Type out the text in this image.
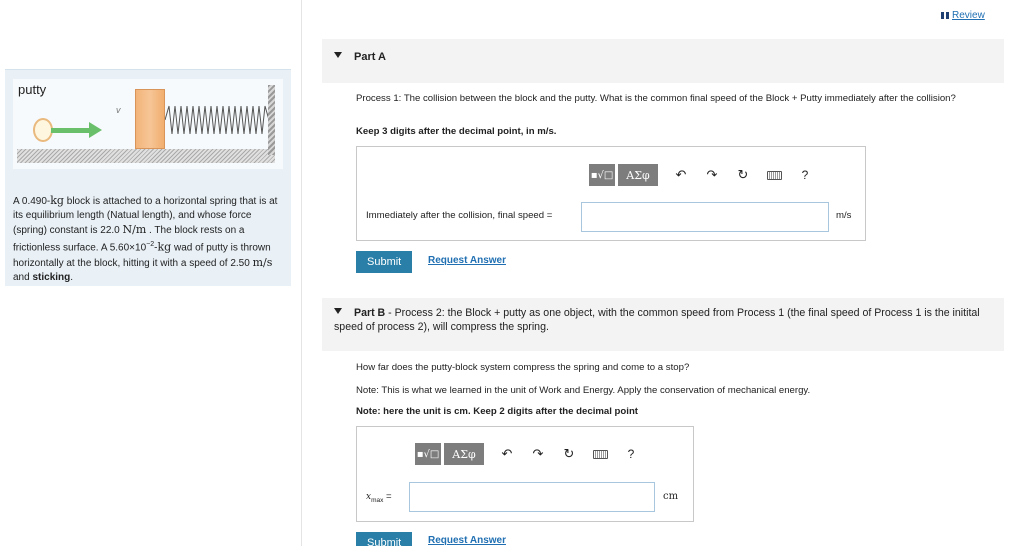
Review
v
putty
A 0.490-kg block is attached to a horizontal spring that is at its equilibrium length (Natual length), and whose force (spring) constant is 22.0 N/m . The block rests on a frictionless surface. A $5.60\times 10^{-2}-kg$ wad of putty is thrown horizontally at the block, hitting it with a speed of 2.50 m/s and sticking.
Part A
Process 1: The collision between the block and the putty. What is the common final speed of the Block + Putty immediately after the collision?
Keep 3 digits after the decimal point, in m/s.
▪√□	AΣφ	↶	↷	↻	?
Immediately after the collision, final speed =	m/s
Submit	Request Answer
Part B - Process 2: the Block + putty as one object, with the common speed from Process 1 (the final speed of Process 1 is the initital speed of process 2), will compress the spring.
How far does the putty-block system compress the spring and come to a stop?
Note: This is what we learned in the unit of Work and Energy. Apply the conservation of mechanical energy.
Note: here the unit is cm. Keep 2 digits after the decimal point
▪√□	AΣφ	↶	↷	↻	?
$x_{max}$ =	cm
Submit	Request Answer
